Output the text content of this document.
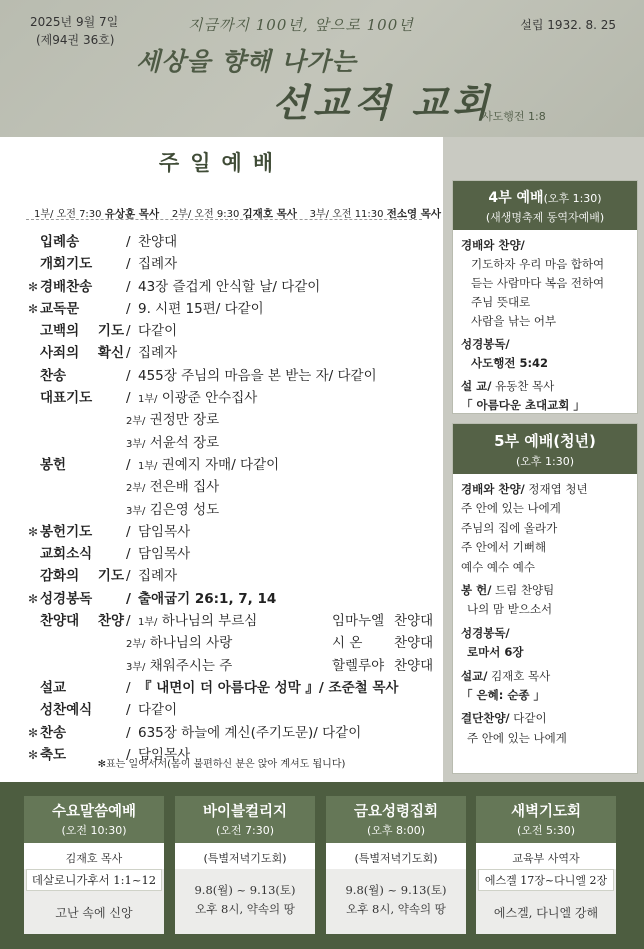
2025년 9월 7일
(제94권 36호)
설립 1932. 8. 25
지금까지 100년, 앞으로 100년
세상을 향해 나가는
선교적 교회
사도행전 1:8
주일예배
1부/ 오전 7:30 유상훈 목사 2부/ 오전 9:30 김재호 목사 3부/ 오전 11:30 전소영 목사
입례송	/ 찬양대
개회기도	/ 집례자
✻ 경배찬송	/ 43장 즐겁게 안식할 날/ 다같이
✻ 교독문	/ 9. 시편 15편/ 다같이
고백의 기도 / 다같이
사죄의 확신 / 집례자
찬송	/ 455장 주님의 마음을 본 받는 자/ 다같이
대표기도	/ 1부/ 이광준 안수집사
2부/ 권정만 장로
3부/ 서윤석 장로
봉헌	/ 1부/ 권예지 자매/ 다같이
2부/ 전은배 집사
3부/ 김은영 성도
✻ 봉헌기도	/ 담임목사
교회소식	/ 담임목사
감화의 기도 / 집례자
✻ 성경봉독	/ 출애굽기 26:1, 7, 14
찬양대 찬양 / 1부/ 하나님의 부르심	임마누엘 찬양대
2부/ 하나님의 사랑	시 온 찬양대
3부/ 채워주시는 주	할렐루야 찬양대
설교	/ 『 내면이 더 아름다운 성막 』/ 조준철 목사
성찬예식	/ 다같이
✻ 찬송	/ 635장 하늘에 계신(주기도문)/ 다같이
✻ 축도	/ 담임목사
✻표는 일어서서(몸이 불편하신 분은 앉아 계셔도 됩니다)
4부 예배(오후 1:30)
(새생명축제 동역자예배)
경배와 찬양/
기도하자 우리 마음 합하여
듣는 사람마다 복음 전하여
주님 뜻대로
사람을 낚는 어부
성경봉독/
사도행전 5:42
설 교/ 유동찬 목사
「 아름다운 초대교회 」
5부 예배(청년)
(오후 1:30)
경배와 찬양/ 정재엽 청년
주 안에 있는 나에게
주님의 집에 올라가
주 안에서 기뻐해
예수 예수 예수
봉 헌/ 드림 찬양팀
나의 맘 받으소서
성경봉독/
로마서 6장
설교/ 김재호 목사
「 은혜: 순종 」
결단찬양/ 다같이
주 안에 있는 나에게
수요말씀예배
(오전 10:30)
김재호 목사
데살로니가후서 1:1~12
고난 속에 신앙
바이블컬리지
(오전 7:30)
(특별저녁기도회)
9.8(월) ~ 9.13(토)
오후 8시, 약속의 땅
금요성령집회
(오후 8:00)
(특별저녁기도회)
9.8(월) ~ 9.13(토)
오후 8시, 약속의 땅
새벽기도회
(오전 5:30)
교육부 사역자
에스겔 17장~다니엘 2장
에스겔, 다니엘 강해
